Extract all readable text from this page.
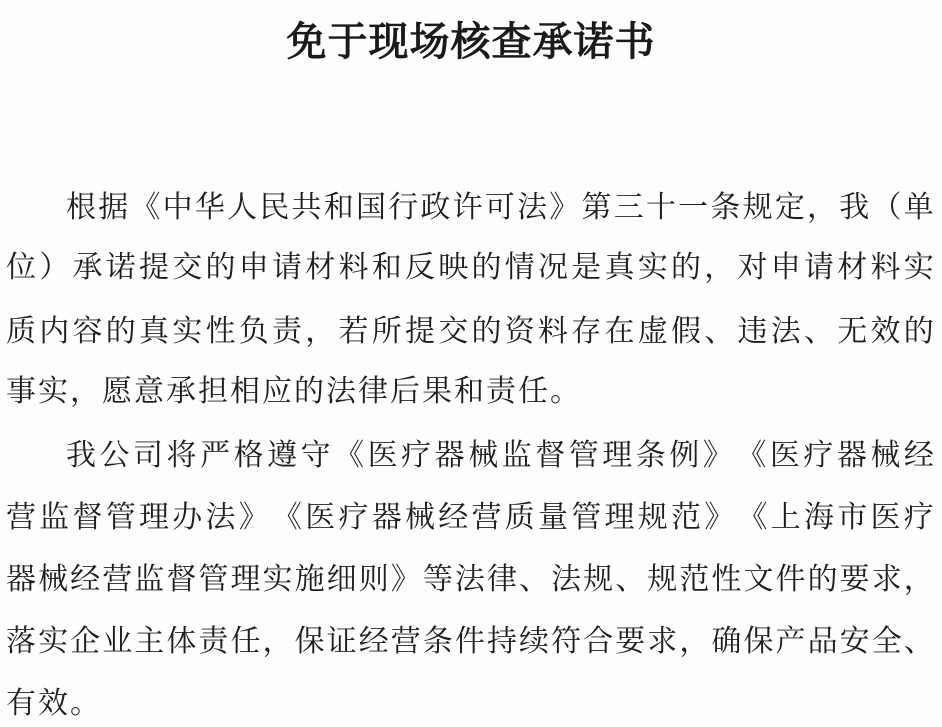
免于现场核查承诺书
根 据 《 中 华 人 民 共 和 国 行 政 许 可 法 》 第 三 十 一 条 规 定 ， 我 （ 单
位 ） 承 诺 提 交 的 申 请 材 料 和 反 映 的 情 况 是 真 实 的 ， 对 申 请 材 料 实
质 内 容 的 真 实 性 负 责 ， 若 所 提 交 的 资 料 存 在 虚 假 、 违 法 、 无 效 的
事实，愿意承担相应的法律后果和责任。
我 公 司 将 严 格 遵 守 《 医 疗 器 械 监 督 管 理 条 例 》 《 医 疗 器 械 经
营 监 督 管 理 办 法 》 《 医 疗 器 械 经 营 质 量 管 理 规 范 》 《 上 海 市 医 疗
器 械 经 营 监 督 管 理 实 施 细 则 》 等 法 律 、 法 规 、 规 范 性 文 件 的 要 求 ，
落 实 企 业 主 体 责 任 ， 保 证 经 营 条 件 持 续 符 合 要 求 ， 确 保 产 品 安 全 、
有效。
